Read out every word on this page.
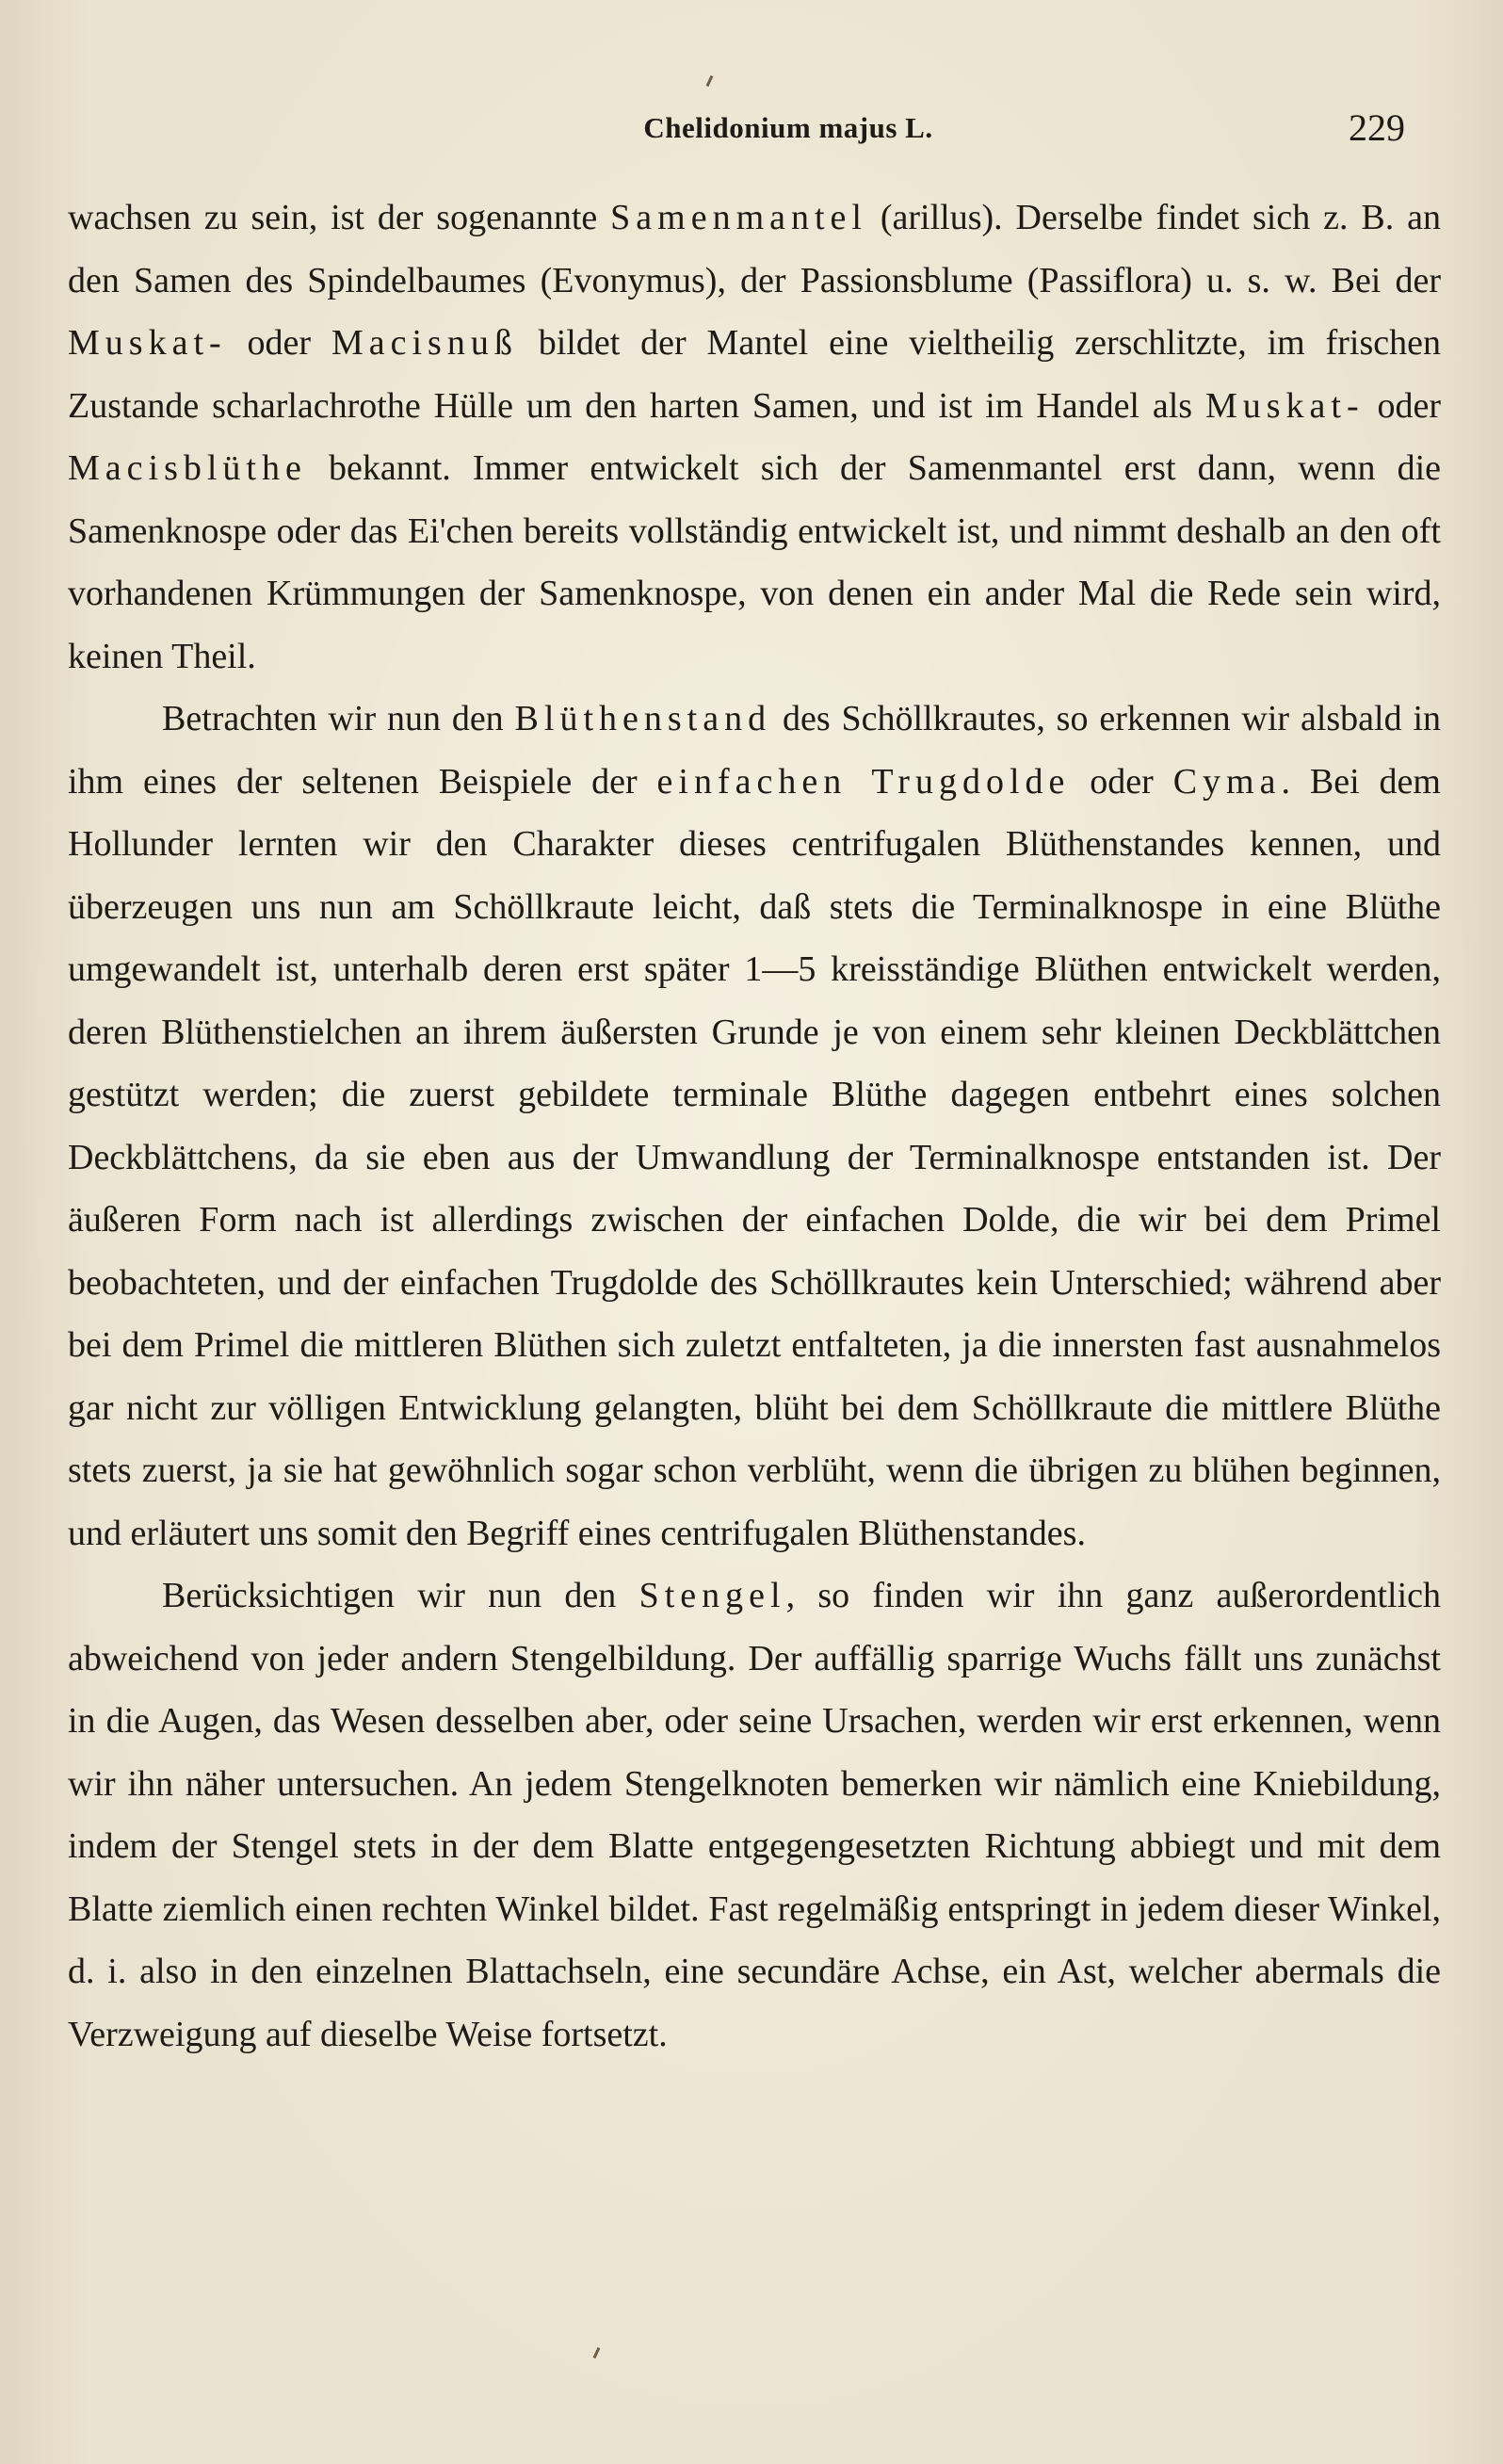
Chelidonium majus L.	229

wachsen zu sein, ist der sogenannte Samenmantel (arillus). Derselbe findet sich z. B. an den Samen des Spindelbaumes (Evonymus), der Passionsblume (Passiflora) u. s. w. Bei der Muskat- oder Macisnuß bildet der Mantel eine vieltheilig zerschlitzte, im frischen Zustande scharlachrothe Hülle um den harten Samen, und ist im Handel als Muskat- oder Macisblüthe bekannt. Immer entwickelt sich der Samenmantel erst dann, wenn die Samenknospe oder das Ei'chen bereits vollständig entwickelt ist, und nimmt deshalb an den oft vorhandenen Krümmungen der Samenknospe, von denen ein ander Mal die Rede sein wird, keinen Theil.

Betrachten wir nun den Blüthenstand des Schöllkrautes, so erkennen wir alsbald in ihm eines der seltenen Beispiele der einfachen Trugdolde oder Cyma. Bei dem Hollunder lernten wir den Charakter dieses centrifugalen Blüthenstandes kennen, und überzeugen uns nun am Schöllkraute leicht, daß stets die Terminalknospe in eine Blüthe umgewandelt ist, unterhalb deren erst später 1—5 kreisständige Blüthen entwickelt werden, deren Blüthenstielchen an ihrem äußersten Grunde je von einem sehr kleinen Deckblättchen gestützt werden; die zuerst gebildete terminale Blüthe dagegen entbehrt eines solchen Deckblättchens, da sie eben aus der Umwandlung der Terminalknospe entstanden ist. Der äußeren Form nach ist allerdings zwischen der einfachen Dolde, die wir bei dem Primel beobachteten, und der einfachen Trugdolde des Schöllkrautes kein Unterschied; während aber bei dem Primel die mittleren Blüthen sich zuletzt entfalteten, ja die innersten fast ausnahmelos gar nicht zur völligen Entwicklung gelangten, blüht bei dem Schöllkraute die mittlere Blüthe stets zuerst, ja sie hat gewöhnlich sogar schon verblüht, wenn die übrigen zu blühen beginnen, und erläutert uns somit den Begriff eines centrifugalen Blüthenstandes.

Berücksichtigen wir nun den Stengel, so finden wir ihn ganz außerordentlich abweichend von jeder andern Stengelbildung. Der auffällig sparrige Wuchs fällt uns zunächst in die Augen, das Wesen desselben aber, oder seine Ursachen, werden wir erst erkennen, wenn wir ihn näher untersuchen. An jedem Stengelknoten bemerken wir nämlich eine Kniebildung, indem der Stengel stets in der dem Blatte entgegengesetzten Richtung abbiegt und mit dem Blatte ziemlich einen rechten Winkel bildet. Fast regelmäßig entspringt in jedem dieser Winkel, d. i. also in den einzelnen Blattachseln, eine secundäre Achse, ein Ast, welcher abermals die Verzweigung auf dieselbe Weise fortsetzt.
